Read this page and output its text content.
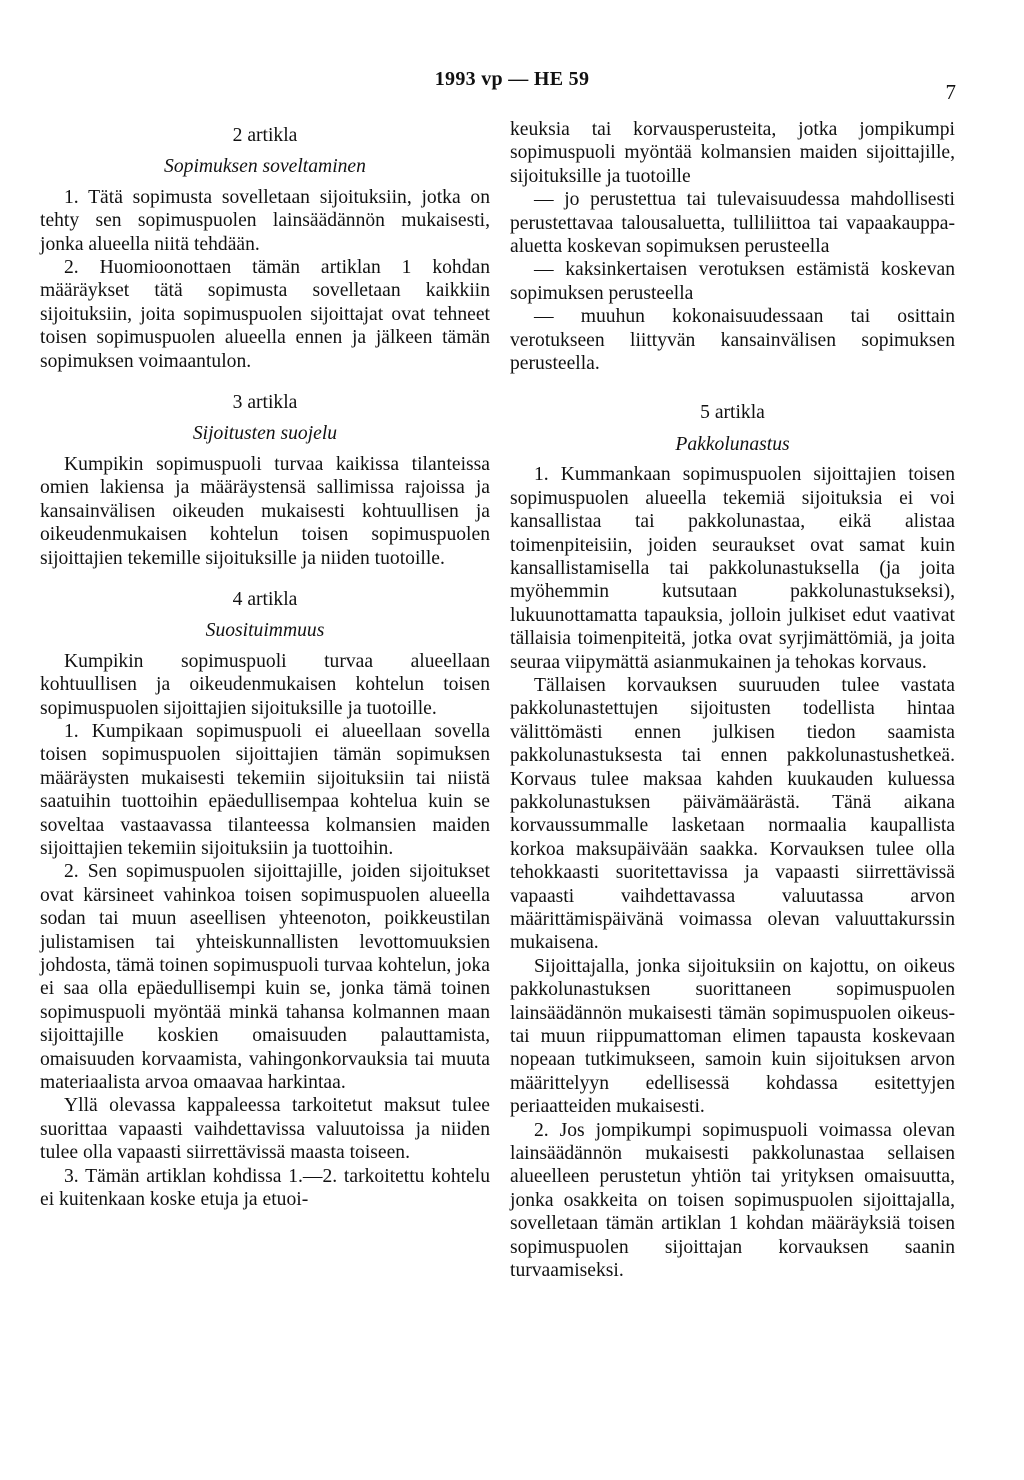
1993 vp — HE 59
7
2 artikla
Sopimuksen soveltaminen

1. Tätä sopimusta sovelletaan sijoituksiin, jotka on tehty sen sopimuspuolen lainsäädännön mukaisesti, jonka alueella niitä tehdään.

2. Huomioonottaen tämän artiklan 1 kohdan määräykset tätä sopimusta sovelletaan kaikkiin sijoituksiin, joita sopimuspuolen sijoittajat ovat tehneet toisen sopimuspuolen alueella ennen ja jälkeen tämän sopimuksen voimaantulon.

3 artikla
Sijoitusten suojelu

Kumpikin sopimuspuoli turvaa kaikissa tilanteissa omien lakiensa ja määräystensä sallimissa rajoissa ja kansainvälisen oikeuden mukaisesti kohtuullisen ja oikeudenmukaisen kohtelun toisen sopimuspuolen sijoittajien tekemille sijoituksille ja niiden tuotoille.

4 artikla
Suosituimmuus

Kumpikin sopimuspuoli turvaa alueellaan kohtuullisen ja oikeudenmukaisen kohtelun toisen sopimuspuolen sijoittajien sijoituksille ja tuotoille.

1. Kumpikaan sopimuspuoli ei alueellaan sovella toisen sopimuspuolen sijoittajien tämän sopimuksen määräysten mukaisesti tekemiin sijoituksiin tai niistä saatuihin tuottoihin epäedullisempaa kohtelua kuin se soveltaa vastaavassa tilanteessa kolmansien maiden sijoittajien tekemiin sijoituksiin ja tuottoihin.

2. Sen sopimuspuolen sijoittajille, joiden sijoitukset ovat kärsineet vahinkoa toisen sopimuspuolen alueella sodan tai muun aseellisen yhteenoton, poikkeustilan julistamisen tai yhteiskunnallisten levottomuuksien johdosta, tämä toinen sopimuspuoli turvaa kohtelun, joka ei saa olla epäedullisempi kuin se, jonka tämä toinen sopimuspuoli myöntää minkä tahansa kolmannen maan sijoittajille koskien omaisuuden palauttamista, omaisuuden korvaamista, vahingonkorvauksia tai muuta materiaalista arvoa omaavaa harkintaa.

Yllä olevassa kappaleessa tarkoitetut maksut tulee suorittaa vapaasti vaihdettavissa valuutoissa ja niiden tulee olla vapaasti siirrettävissä maasta toiseen.

3. Tämän artiklan kohdissa 1.—2. tarkoitettu kohtelu ei kuitenkaan koske etuja ja etuoi-

keuksia tai korvausperusteita, jotka jompikumpi sopimuspuoli myöntää kolmansien maiden sijoittajille, sijoituksille ja tuotoille

— jo perustettua tai tulevaisuudessa mahdollisesti perustettavaa talousaluetta, tulliliittoa tai vapaakauppa-aluetta koskevan sopimuksen perusteella

— kaksinkertaisen verotuksen estämistä koskevan sopimuksen perusteella

— muuhun kokonaisuudessaan tai osittain verotukseen liittyvän kansainvälisen sopimuksen perusteella.

5 artikla
Pakkolunastus

1. Kummankaan sopimuspuolen sijoittajien toisen sopimuspuolen alueella tekemiä sijoituksia ei voi kansallistaa tai pakkolunastaa, eikä alistaa toimenpiteisiin, joiden seuraukset ovat samat kuin kansallistamisella tai pakkolunastuksella (ja joita myöhemmin kutsutaan pakkolunastukseksi), lukuunottamatta tapauksia, jolloin julkiset edut vaativat tällaisia toimenpiteitä, jotka ovat syrjimättömiä, ja joita seuraa viipymättä asianmukainen ja tehokas korvaus.

Tällaisen korvauksen suuruuden tulee vastata pakkolunastettujen sijoitusten todellista hintaa välittömästi ennen julkisen tiedon saamista pakkolunastuksesta tai ennen pakkolunastushetkeä. Korvaus tulee maksaa kahden kuukauden kuluessa pakkolunastuksen päivämäärästä. Tänä aikana korvaussummalle lasketaan normaalia kaupallista korkoa maksupäivään saakka. Korvauksen tulee olla tehokkaasti suoritettavissa ja vapaasti siirrettävissä vapaasti vaihdettavassa valuutassa arvon määrittämispäivänä voimassa olevan valuuttakurssin mukaisena.

Sijoittajalla, jonka sijoituksiin on kajottu, on oikeus pakkolunastuksen suorittaneen sopimuspuolen lainsäädännön mukaisesti tämän sopimuspuolen oikeus- tai muun riippumattoman elimen tapausta koskevaan nopeaan tutkimukseen, samoin kuin sijoituksen arvon määrittelyyn edellisessä kohdassa esitettyjen periaatteiden mukaisesti.

2. Jos jompikumpi sopimuspuoli voimassa olevan lainsäädännön mukaisesti pakkolunastaa sellaisen alueelleen perustetun yhtiön tai yrityksen omaisuutta, jonka osakkeita on toisen sopimuspuolen sijoittajalla, sovelletaan tämän artiklan 1 kohdan määräyksiä toisen sopimuspuolen sijoittajan korvauksen saanin turvaamiseksi.
